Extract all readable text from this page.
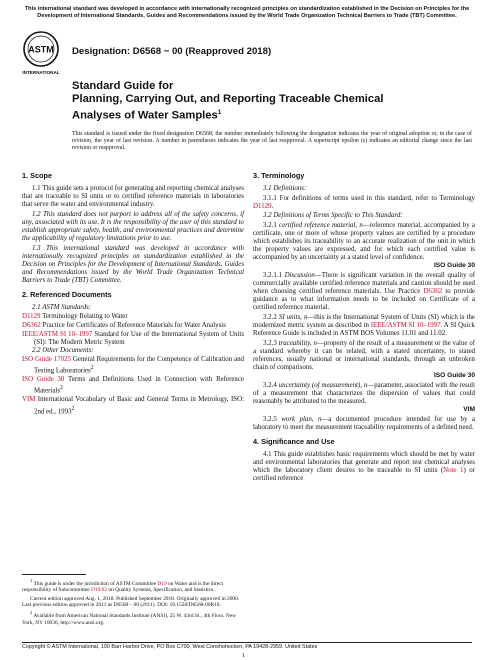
This international standard was developed in accordance with internationally recognized principles on standardization established in the Decision on Principles for the Development of International Standards, Guides and Recommendations issued by the World Trade Organization Technical Barriers to Trade (TBT) Committee.
ASTM
INTERNATIONAL
Designation: D6568 − 00 (Reapproved 2018)
Standard Guide for
Planning, Carrying Out, and Reporting Traceable Chemical
Analyses of Water Samples$^1$
This standard is issued under the fixed designation D6568; the number immediately following the designation indicates the year of original adoption or, in the case of revision, the year of last revision. A number in parentheses indicates the year of last reapproval. A superscript epsilon (ε) indicates an editorial change since the last revision or reapproval.
1. Scope
1.1 This guide sets a protocol for generating and reporting chemical analyses that are traceable to SI units or to certified reference materials in laboratories that serve the water and environmental industry.
1.2 This standard does not purport to address all of the safety concerns, if any, associated with its use. It is the responsibility of the user of this standard to establish appropriate safety, health, and environmental practices and determine the applicability of regulatory limitations prior to use.
1.3 This international standard was developed in accordance with internationally recognized principles on standardization established in the Decision on Principles for the Development of International Standards, Guides and Recommendations issued by the World Trade Organization Technical Barriers to Trade (TBT) Committee.
2. Referenced Documents
2.1 ASTM Standards:
D1129 Terminology Relating to Water
D6362 Practice for Certificates of Reference Materials for Water Analysis
IEEE/ASTM SI 10–1997 Standard for Use of the International System of Units (SI): The Modern Metric System
2.2 Other Documents:
ISO Guide 17025 General Requirements for the Competence of Calibration and Testing Laboratories$^2$
ISO Guide 30 Terms and Definitions Used in Connection with Reference Materials$^2$
VIM International Vocabulary of Basic and General Terms in Metrology, ISO: 2nd ed., 1993$^2$
3. Terminology
3.1 Definitions:
3.1.1 For definitions of terms used in this standard, refer to Terminology D1129.
3.2 Definitions of Terms Specific to This Standard:
3.2.1 certified reference material, n—reference material, accompanied by a certificate, one or more of whose property values are certified by a procedure which establishes its traceability to an accurate realization of the unit in which the property values are expressed, and for which each certified value is accompanied by an uncertainty at a stated level of confidence.
ISO Guide 30
3.2.1.1 Discussion—There is significant variation in the overall quality of commercially available certified reference materials and caution should be used when choosing certified reference materials. Use Practice D6362 to provide guidance as to what information needs to be included on Certificate of a certified reference material.
3.2.2 SI units, n—this is the International System of Units (SI) which is the modernized metric system as described in IEEE/ASTM SI 10–1997. A SI Quick Reference Guide is included in ASTM BOS Volumes 11.01 and 11.02.
3.2.3 traceability, n—property of the result of a measurement or the value of a standard whereby it can be related, with a stated uncertainty, to stated references, usually national or international standards, through an unbroken chain of comparisons.
ISO Guide 30
3.2.4 uncertainty (of measurement), n—parameter, associated with the result of a measurement that characterizes the dispersion of values that could reasonably be attributed to the measured.
VIM
3.2.5 work plan, n—a documented procedure intended for use by a laboratory to meet the measurement traceability requirements of a defined need.
4. Significance and Use
4.1 This guide establishes basic requirements which should be met by water and environmental laboratories that generate and report test chemical analyses which the laboratory client desires to be traceable to SI units (Note 1) or certified reference

$^1$ This guide is under the jurisdiction of ASTM Committee D19 on Water and is the direct responsibility of Subcommittee D19.02 on Quality Systems, Specification, and Statistics.

Current edition approved Aug. 1, 2018. Published September 2018. Originally approved in 2000. Last previous edition approved in 2011 as D6568 – 00 (2011). DOI: 10.1520/D6568-00R18.

$^2$ Available from American National Standards Institute (ANSI), 25 W. 43rd St., 4th Floor, New York, NY 10036, http://www.ansi.org.

Copyright © ASTM International, 100 Barr Harbor Drive, PO Box C700, West Conshohocken, PA 19428-2959. United States
1
